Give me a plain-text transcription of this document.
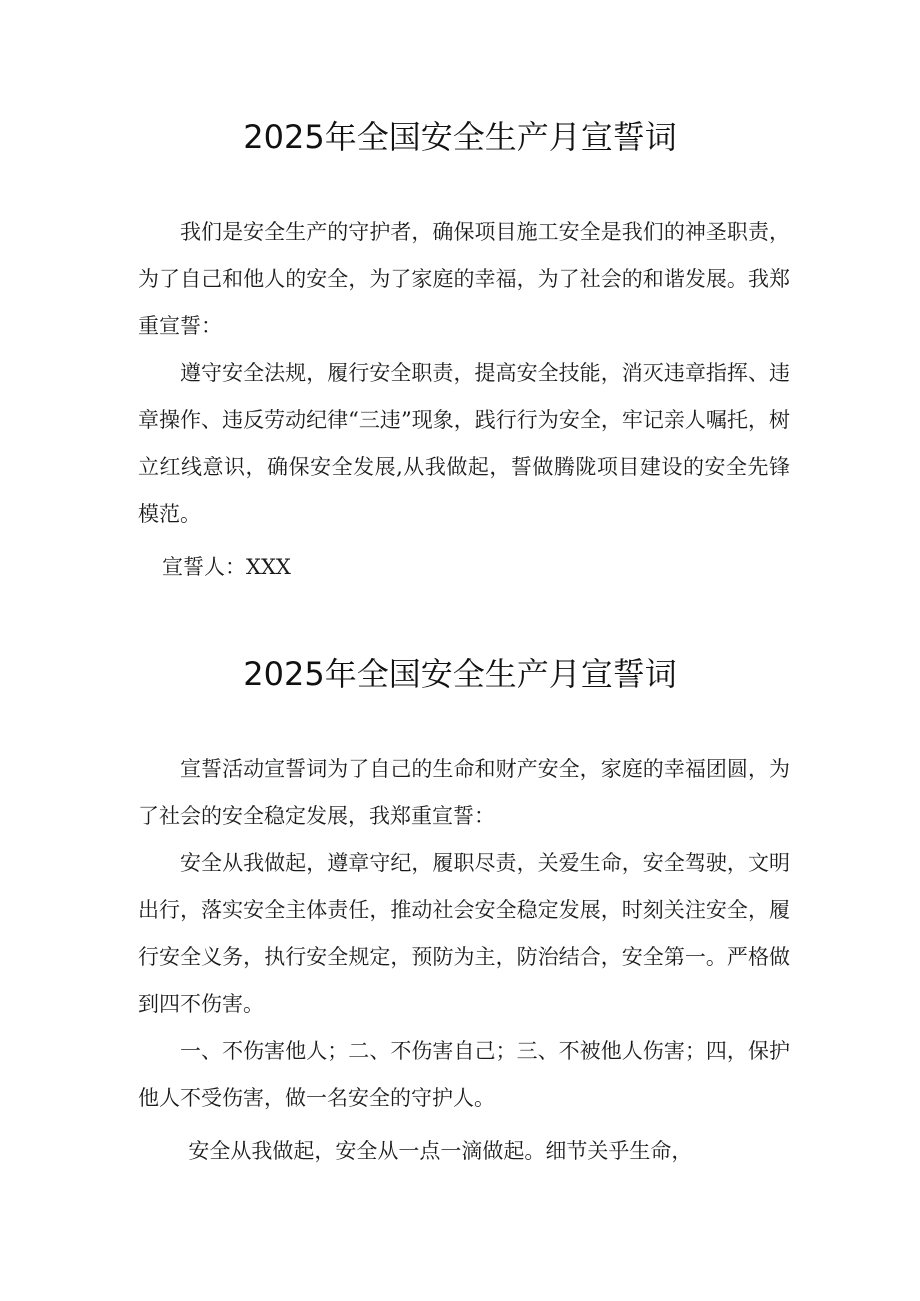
2025年全国安全生产月宣誓词

我们是安全生产的守护者，确保项目施工安全是我们的神圣职责，为了自己和他人的安全，为了家庭的幸福，为了社会的和谐发展。我郑重宣誓：

遵守安全法规，履行安全职责，提高安全技能，消灭违章指挥、违章操作、违反劳动纪律“三违”现象，践行行为安全，牢记亲人嘱托，树立红线意识，确保安全发展,从我做起，誓做腾陇项目建设的安全先锋模范。

宣誓人：XXX

2025年全国安全生产月宣誓词

宣誓活动宣誓词为了自己的生命和财产安全，家庭的幸福团圆，为了社会的安全稳定发展，我郑重宣誓：

安全从我做起，遵章守纪，履职尽责，关爱生命，安全驾驶，文明出行，落实安全主体责任，推动社会安全稳定发展，时刻关注安全，履行安全义务，执行安全规定，预防为主，防治结合，安全第一。严格做到四不伤害。

一、不伤害他人；二、不伤害自己；三、不被他人伤害；四，保护他人不受伤害，做一名安全的守护人。

安全从我做起，安全从一点一滴做起。细节关乎生命，
